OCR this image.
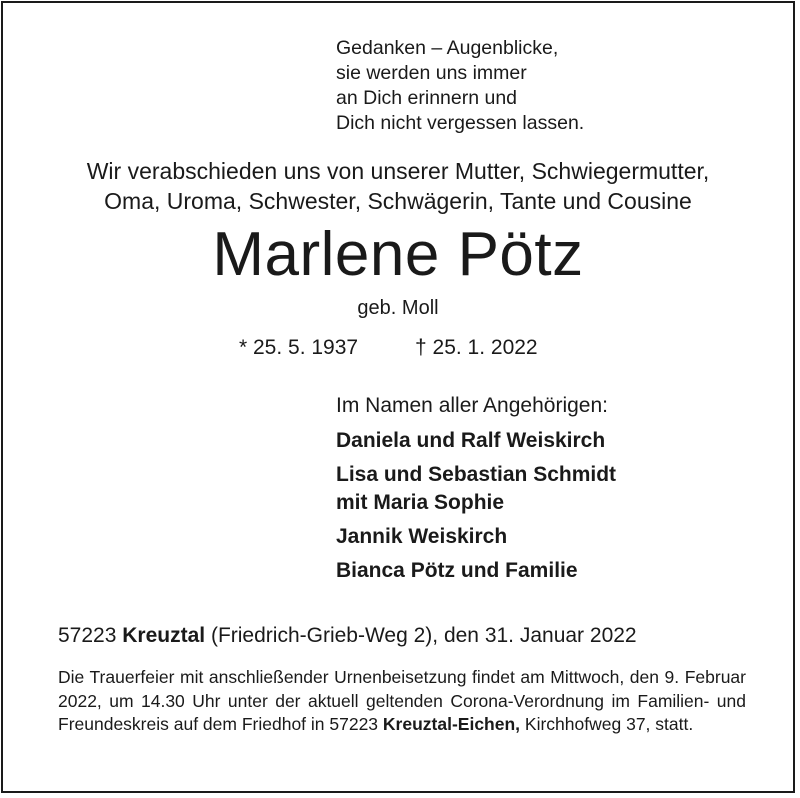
Gedanken – Augenblicke,
sie werden uns immer
an Dich erinnern und
Dich nicht vergessen lassen.
Wir verabschieden uns von unserer Mutter, Schwiegermutter,
Oma, Uroma, Schwester, Schwägerin, Tante und Cousine
Marlene Pötz
geb. Moll
* 25. 5. 1937	† 25. 1. 2022
Im Namen aller Angehörigen:
Daniela und Ralf Weiskirch
Lisa und Sebastian Schmidt
mit Maria Sophie
Jannik Weiskirch
Bianca Pötz und Familie
57223 Kreuztal (Friedrich-Grieb-Weg 2), den 31. Januar 2022
Die Trauerfeier mit anschließender Urnenbeisetzung findet am Mittwoch, den 9. Februar 2022, um 14.30 Uhr unter der aktuell geltenden Corona-Verordnung im Familien- und Freundeskreis auf dem Friedhof in 57223 Kreuztal-Eichen, Kirchhofweg 37, statt.
